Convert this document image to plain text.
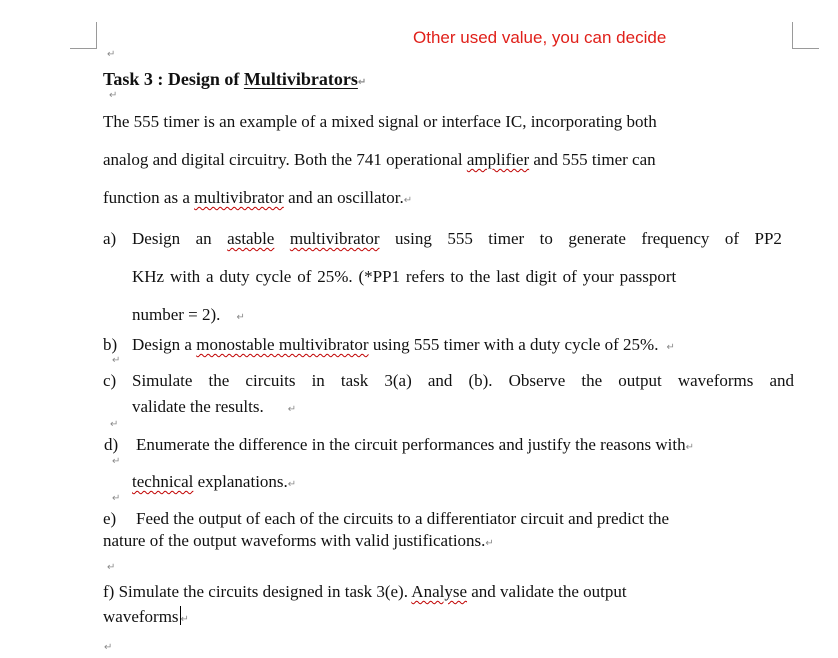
Other used value, you can decide
↵
Task 3 : Design of Multivibrators↵
↵
The 555 timer is an example of a mixed signal or interface IC, incorporating both
analog and digital circuitry. Both the 741 operational amplifier and 555 timer can
function as a multivibrator and an oscillator.↵
a) Design an astable multivibrator using 555 timer to generate frequency of PP2
KHz with a duty cycle of 25%. (*PP1 refers to the last digit of your passport
number = 2). ↵
b) Design a monostable multivibrator using 555 timer with a duty cycle of 25%. ↵
↵
c) Simulate the circuits in task 3(a) and (b). Observe the output waveforms and
validate the results. ↵
↵
d) Enumerate the difference in the circuit performances and justify the reasons with↵
↵
technical explanations.↵
↵
e) Feed the output of each of the circuits to a differentiator circuit and predict the
nature of the output waveforms with valid justifications.↵
↵
f) Simulate the circuits designed in task 3(e). Analyse and validate the output
waveforms ↵
↵
